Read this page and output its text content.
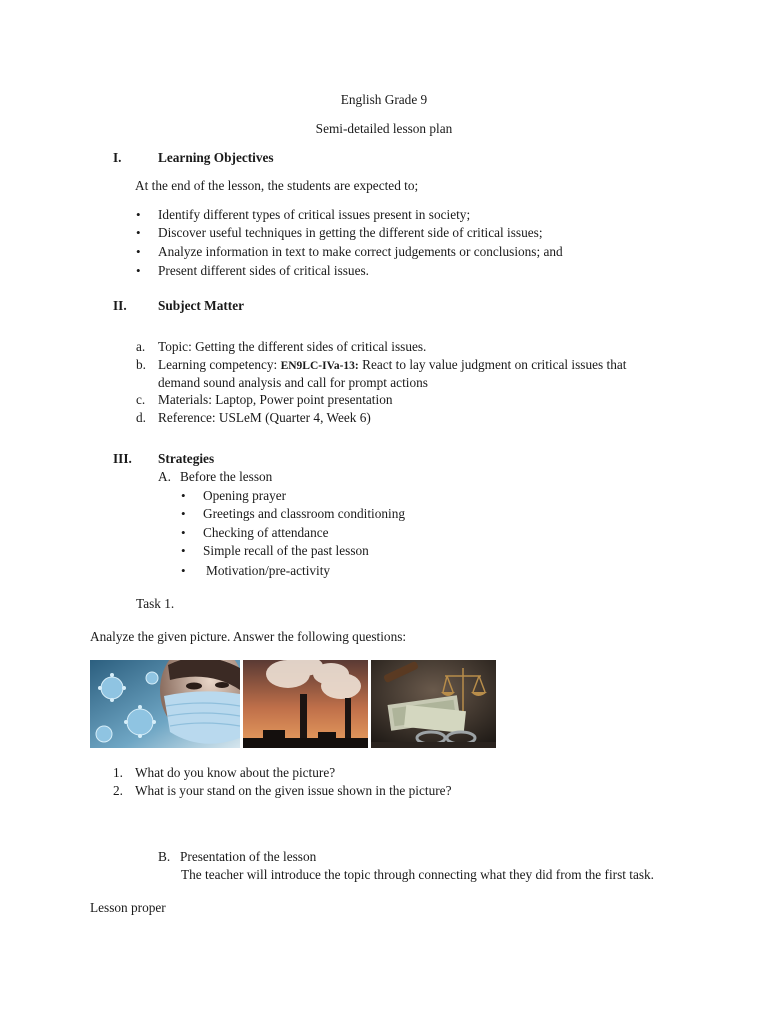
English Grade 9
Semi-detailed lesson plan
I.	Learning Objectives
At the end of the lesson, the students are expected to;
• Identify different types of critical issues present in society;
• Discover useful techniques in getting the different side of critical issues;
• Analyze information in text to make correct judgements or conclusions; and
• Present different sides of critical issues.
II. Subject Matter
a. Topic: Getting the different sides of critical issues.
b. Learning competency: EN9LC-IVa-13: React to lay value judgment on critical issues that
demand sound analysis and call for prompt actions
c. Materials: Laptop, Power point presentation
d. Reference: USLeM (Quarter 4, Week 6)
III. Strategies
A. Before the lesson
• Opening prayer
• Greetings and classroom conditioning
• Checking of attendance
• Simple recall of the past lesson
• Motivation/pre-activity
Task 1.
Analyze the given picture. Answer the following questions:
1. What do you know about the picture?
2. What is your stand on the given issue shown in the picture?
B. Presentation of the lesson
The teacher will introduce the topic through connecting what they did from the first task.
Lesson proper
